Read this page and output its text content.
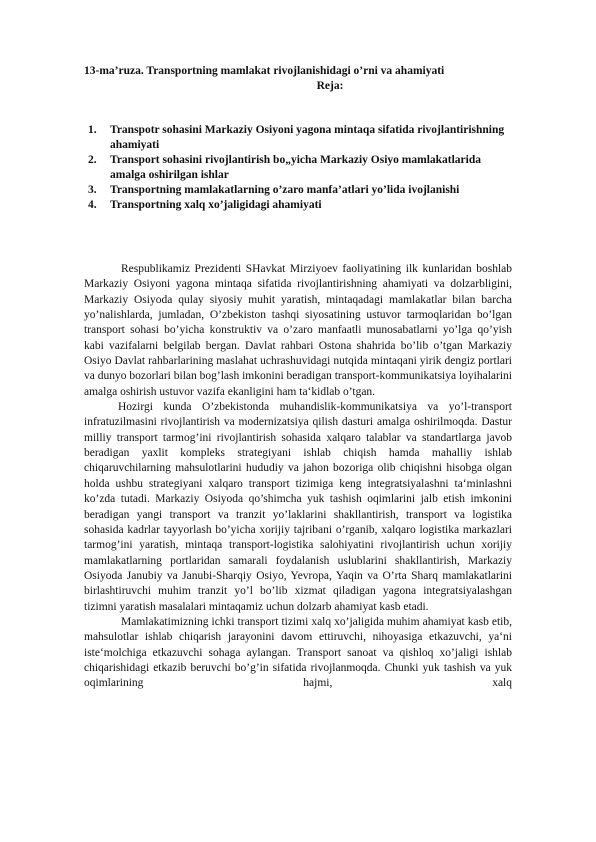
13-ma’ruza. Transportning mamlakat rivojlanishidagi o’rni va ahamiyati
Reja:
1. Transpotr sohasini Markaziy Osiyoni yagona mintaqa sifatida rivojlantirishning ahamiyati
2. Transport sohasini rivojlantirish bo„yicha Markaziy Osiyo mamlakatlarida amalga oshirilgan ishlar
3. Transportning mamlakatlarning o’zaro manfa’atlari yo’lida ivojlanishi
4. Transportning xalq xo’jaligidagi ahamiyati

Respublikamiz Prezidenti SHavkat Mirziyoev faoliyatining ilk kunlaridan boshlab Markaziy Osiyoni yagona mintaqa sifatida rivojlantirishning ahamiyati va dolzarbligini, Markaziy Osiyoda qulay siyosiy muhit yaratish, mintaqadagi mamlakatlar bilan barcha yo’nalishlarda, jumladan, O’zbekiston tashqi siyosatining ustuvor tarmoqlaridan bo’lgan transport sohasi bo’yicha konstruktiv va o’zaro manfaatli munosabatlarni yo’lga qo’yish kabi vazifalarni belgilab bergan. Davlat rahbari Ostona shahrida bo’lib o’tgan Markaziy Osiyo Davlat rahbarlarining maslahat uchrashuvidagi nutqida mintaqani yirik dengiz portlari va dunyo bozorlari bilan bog’lash imkonini beradigan transport-kommunikatsiya loyihalarini amalga oshirish ustuvor vazifa ekanligini ham ta‘kidlab o’tgan.

Hozirgi kunda O’zbekistonda muhandislik-kommunikatsiya va yo’l-transport infratuzilmasini rivojlantirish va modernizatsiya qilish dasturi amalga oshirilmoqda. Dastur milliy transport tarmog’ini rivojlantirish sohasida xalqaro talablar va standartlarga javob beradigan yaxlit kompleks strategiyani ishlab chiqish hamda mahalliy ishlab chiqaruvchilarning mahsulotlarini hududiy va jahon bozoriga olib chiqishni hisobga olgan holda ushbu strategiyani xalqaro transport tizimiga keng integratsiyalashni ta‘minlashni ko’zda tutadi. Markaziy Osiyoda qo’shimcha yuk tashish oqimlarini jalb etish imkonini beradigan yangi transport va tranzit yo’laklarini shakllantirish, transport va logistika sohasida kadrlar tayyorlash bo’yicha xorijiy tajribani o’rganib, xalqaro logistika markazlari tarmog’ini yaratish, mintaqa transport-logistika salohiyatini rivojlantirish uchun xorijiy mamlakatlarning portlaridan samarali foydalanish uslublarini shakllantirish, Markaziy Osiyoda Janubiy va Janubi-Sharqiy Osiyo, Yevropa, Yaqin va O’rta Sharq mamlakatlarini birlashtiruvchi muhim tranzit yo’l bo’lib xizmat qiladigan yagona integratsiyalashgan tizimni yaratish masalalari mintaqamiz uchun dolzarb ahamiyat kasb etadi.

Mamlakatimizning ichki transport tizimi xalq xo’jaligida muhim ahamiyat kasb etib, mahsulotlar ishlab chiqarish jarayonini davom ettiruvchi, nihoyasiga etkazuvchi, ya‘ni iste‘molchiga etkazuvchi sohaga aylangan. Transport sanoat va qishloq xo’jaligi ishlab chiqarishidagi etkazib beruvchi bo’g’in sifatida rivojlanmoqda. Chunki yuk tashish va yuk oqimlarining hajmi, xalq
